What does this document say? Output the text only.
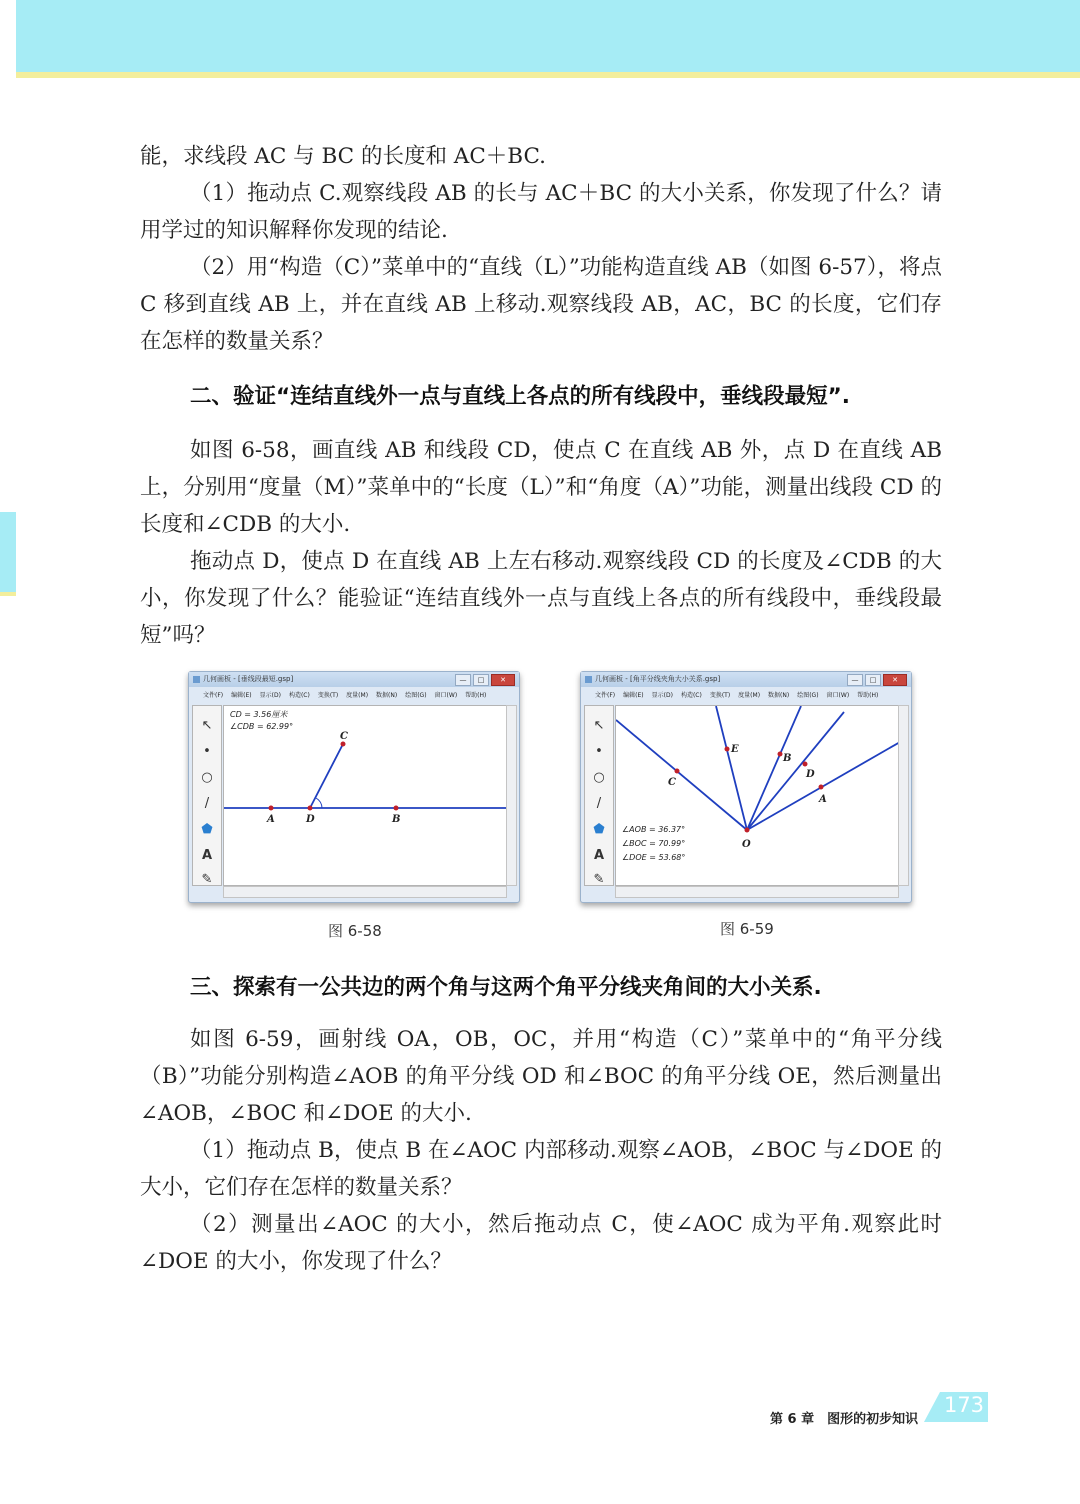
能，求线段 AC 与 BC 的长度和 AC＋BC.

（1）拖动点 C.观察线段 AB 的长与 AC＋BC 的大小关系，你发现了什么？请用学过的知识解释你发现的结论.

（2）用“构造（C）”菜单中的“直线（L）”功能构造直线 AB（如图 6-57），将点 C 移到直线 AB 上，并在直线 AB 上移动.观察线段 AB，AC，BC 的长度，它们存在怎样的数量关系？

二、验证“连结直线外一点与直线上各点的所有线段中，垂线段最短”.

如图 6-58，画直线 AB 和线段 CD，使点 C 在直线 AB 外，点 D 在直线 AB 上，分别用“度量（M）”菜单中的“长度（L）”和“角度（A）”功能，测量出线段 CD 的长度和∠CDB 的大小.

拖动点 D，使点 D 在直线 AB 上左右移动.观察线段 CD 的长度及∠CDB 的大小，你发现了什么？能验证“连结直线外一点与直线上各点的所有线段中，垂线段最短”吗？

几何画板 - [垂线段最短.gsp]	—	□	✕
文件(F)	编辑(E)	显示(D)	构造(C)	变换(T)	度量(M)	数据(N)	绘图(G)	窗口(W)	帮助(H)
↖
•
○
/
⬟
A
✎
CD = 3.56厘米
∠CDB = 62.99°
A	D	B
C
图 6-58
几何画板 - [角平分线夹角大小关系.gsp]	—	□	✕
文件(F)	编辑(E)	显示(D)	构造(C)	变换(T)	度量(M)	数据(N)	绘图(G)	窗口(W)	帮助(H)
↖
•
○
/
⬟
A
✎
∠AOB = 36.37°
∠BOC = 70.99°
∠DOE = 53.68°
C
E
B
D
A
O
图 6-59

三、探索有一公共边的两个角与这两个角平分线夹角间的大小关系.

如图 6-59，画射线 OA，OB，OC，并用“构造（C）”菜单中的“角平分线（B）”功能分别构造∠AOB 的角平分线 OD 和∠BOC 的角平分线 OE，然后测量出∠AOB，∠BOC 和∠DOE 的大小.

（1）拖动点 B，使点 B 在∠AOC 内部移动.观察∠AOB，∠BOC 与∠DOE 的大小，它们存在怎样的数量关系？

（2）测量出∠AOC 的大小，然后拖动点 C，使∠AOC 成为平角.观察此时∠DOE 的大小，你发现了什么？

第 6 章　图形的初步知识
173
